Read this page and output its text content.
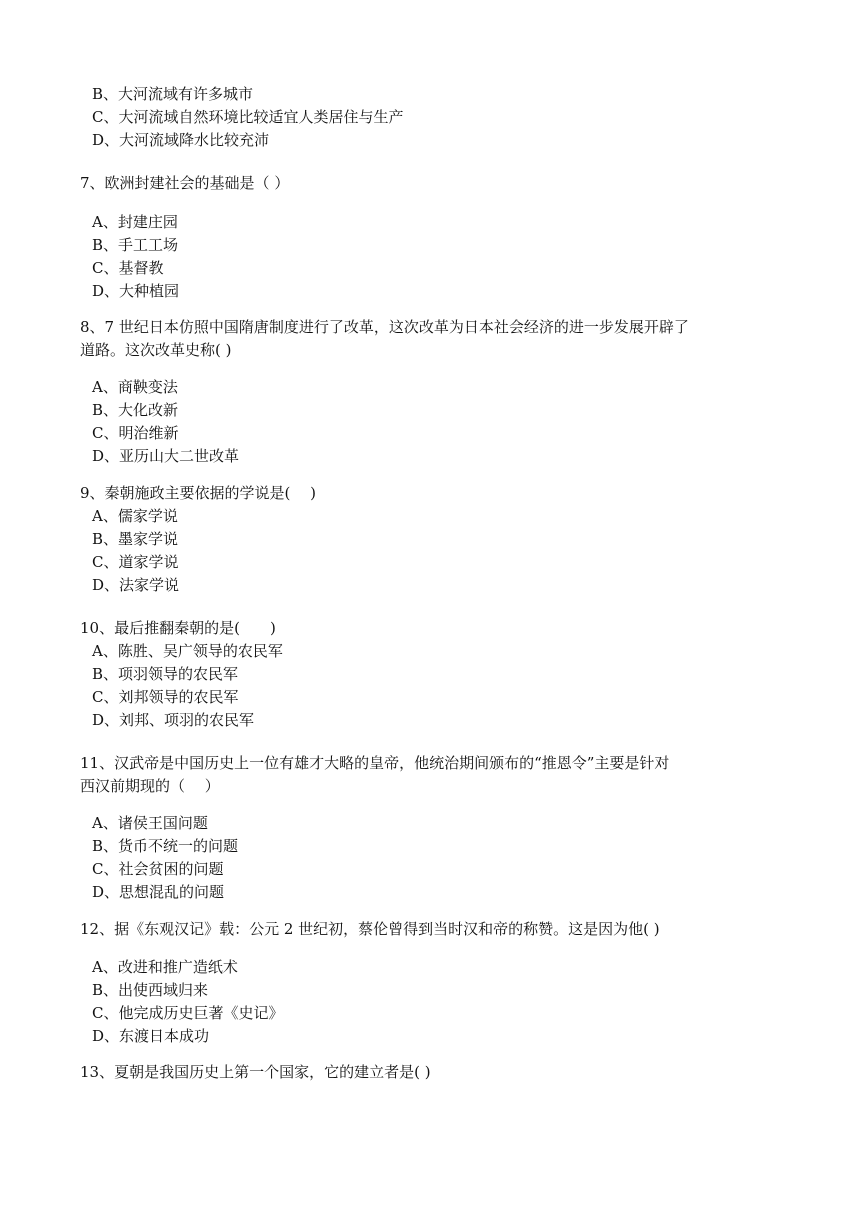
B、大河流域有许多城市
C、大河流域自然环境比较适宜人类居住与生产
D、大河流域降水比较充沛
7、欧洲封建社会的基础是（ ）
A、封建庄园
B、手工工场
C、基督教
D、大种植园
8、7 世纪日本仿照中国隋唐制度进行了改革，这次改革为日本社会经济的进一步发展开辟了
道路。这次改革史称( )
A、商鞅变法
B、大化改新
C、明治维新
D、亚历山大二世改革
9、秦朝施政主要依据的学说是(　 )
A、儒家学说
B、墨家学说
C、道家学说
D、法家学说
10、最后推翻秦朝的是(　　)
A、陈胜、吴广领导的农民军
B、项羽领导的农民军
C、刘邦领导的农民军
D、刘邦、项羽的农民军
11、汉武帝是中国历史上一位有雄才大略的皇帝，他统治期间颁布的“推恩令”主要是针对
西汉前期现的（　 ）
A、诸侯王国问题
B、货币不统一的问题
C、社会贫困的问题
D、思想混乱的问题
12、据《东观汉记》载：公元 2 世纪初，蔡伦曾得到当时汉和帝的称赞。这是因为他( )
A、改进和推广造纸术
B、出使西域归来
C、他完成历史巨著《史记》
D、东渡日本成功
13、夏朝是我国历史上第一个国家，它的建立者是( )
